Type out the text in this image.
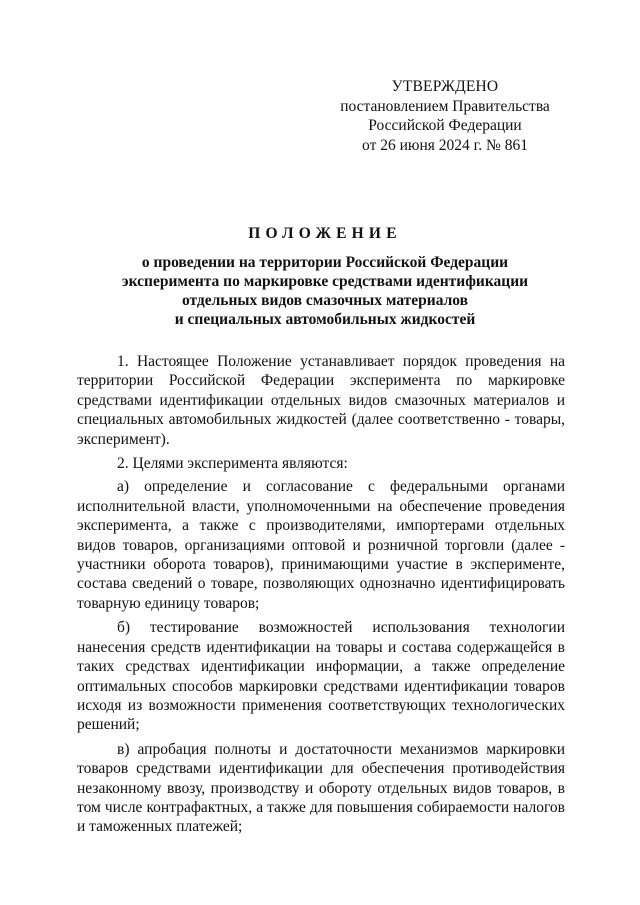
УТВЕРЖДЕНО
постановлением Правительства
Российской Федерации
от 26 июня 2024 г. № 861
ПОЛОЖЕНИЕ
о проведении на территории Российской Федерации
эксперимента по маркировке средствами идентификации
отдельных видов смазочных материалов
и специальных автомобильных жидкостей

1. Настоящее Положение устанавливает порядок проведения на территории Российской Федерации эксперимента по маркировке средствами идентификации отдельных видов смазочных материалов и специальных автомобильных жидкостей (далее соответственно - товары, эксперимент).

2. Целями эксперимента являются:

а) определение и согласование с федеральными органами исполнительной власти, уполномоченными на обеспечение проведения эксперимента, а также с производителями, импортерами отдельных видов товаров, организациями оптовой и розничной торговли (далее - участники оборота товаров), принимающими участие в эксперименте, состава сведений о товаре, позволяющих однозначно идентифицировать товарную единицу товаров;

б) тестирование возможностей использования технологии нанесения средств идентификации на товары и состава содержащейся в таких средствах идентификации информации, а также определение оптимальных способов маркировки средствами идентификации товаров исходя из возможности применения соответствующих технологических решений;

в) апробация полноты и достаточности механизмов маркировки товаров средствами идентификации для обеспечения противодействия незаконному ввозу, производству и обороту отдельных видов товаров, в том числе контрафактных, а также для повышения собираемости налогов и таможенных платежей;
